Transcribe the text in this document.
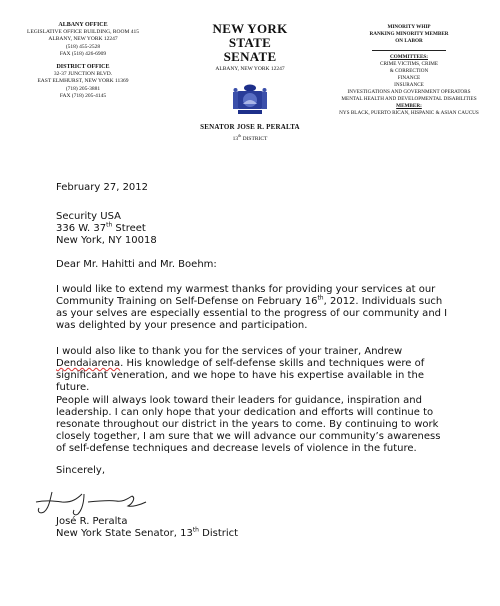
ALBANY OFFICE
LEGISLATIVE OFFICE BUILDING, ROOM 415
ALBANY, NEW YORK 12247
(518) 455-2528
FAX (518) 426-6909
DISTRICT OFFICE
32-37 JUNCTION BLVD.
EAST ELMHURST, NEW YORK 11369
(718) 205-3881
FAX (718) 205-4145
NEW YORK
STATE
SENATE
ALBANY, NEW YORK 12247
SENATOR JOSE R. PERALTA
13th DISTRICT
MINORITY WHIP
RANKING MINORITY MEMBER
ON LABOR
COMMITTEES:
CRIME VICTIMS, CRIME
& CORRECTION
FINANCE
INSURANCE
INVESTIGATIONS AND GOVERNMENT OPERATORS
MENTAL HEALTH AND DEVELOPMENTAL DISABILITIES
MEMBER:
NYS BLACK, PUERTO RICAN, HISPANIC & ASIAN CAUCUS
February 27, 2012
Security USA
336 W. 37th Street
New York, NY 10018
Dear Mr. Hahitti and Mr. Boehm:

I would like to extend my warmest thanks for providing your services at our Community Training on Self-Defense on February 16th, 2012. Individuals such as your selves are especially essential to the progress of our community and I was delighted by your presence and participation.

I would also like to thank you for the services of your trainer, Andrew Dendaiarena. His knowledge of self-defense skills and techniques were of significant veneration, and we hope to have his expertise available in the future.

People will always look toward their leaders for guidance, inspiration and leadership. I can only hope that your dedication and efforts will continue to resonate throughout our district in the years to come. By continuing to work closely together, I am sure that we will advance our community’s awareness of self-defense techniques and decrease levels of violence in the future.

Sincerely,
José R. Peralta
New York State Senator, 13th District
